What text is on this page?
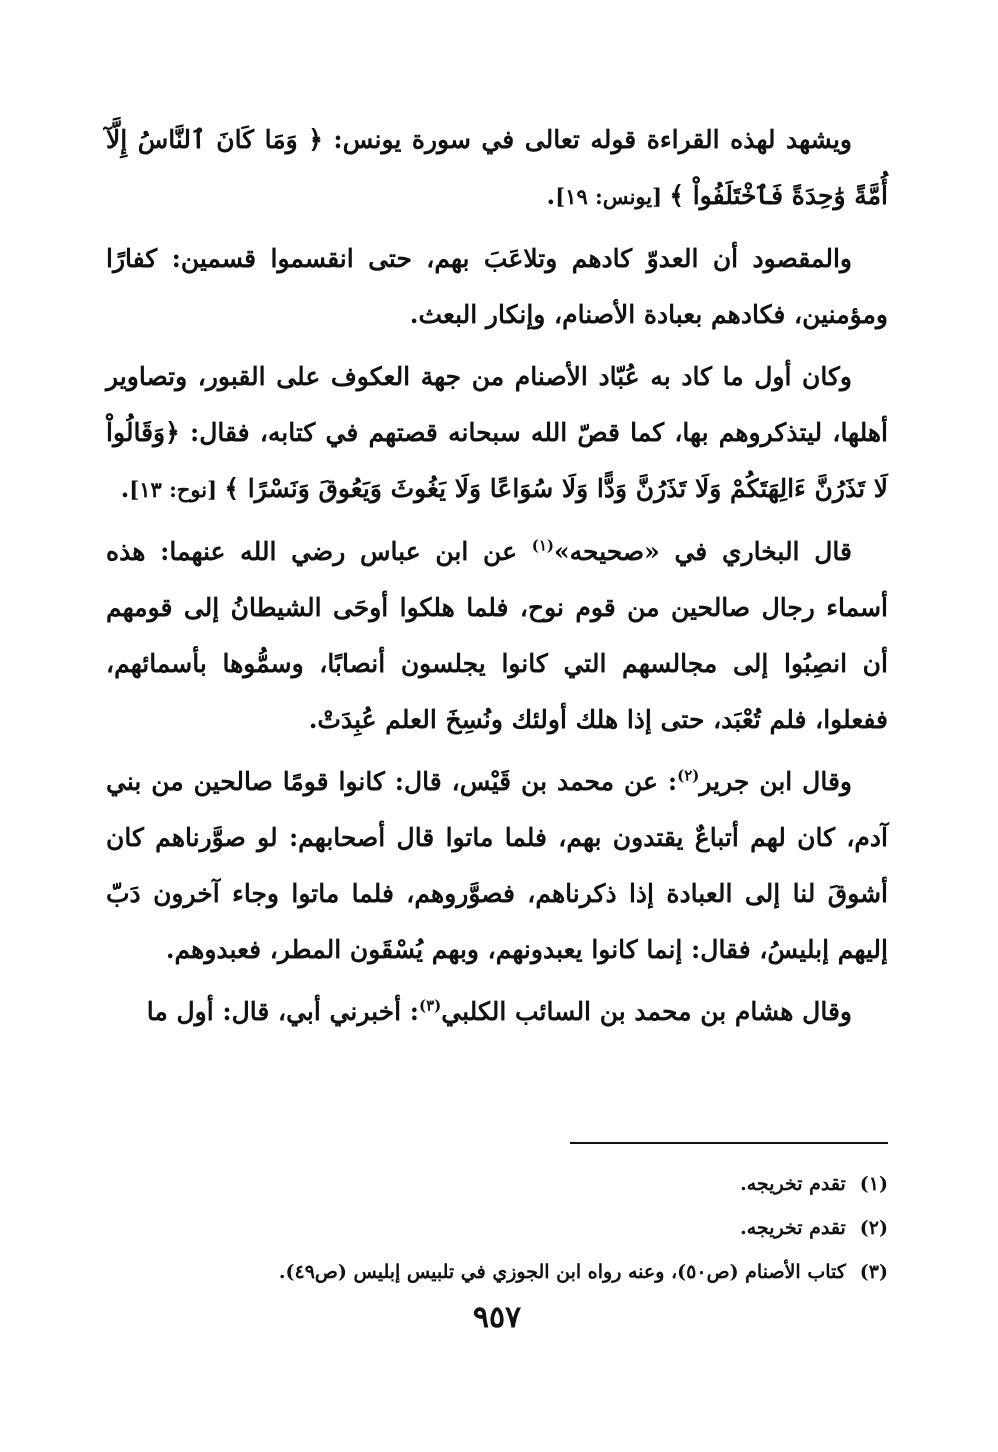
ويشهد لهذه القراءة قوله تعالى في سورة يونس: ﴿ وَمَا كَانَ ٱلنَّاسُ إِلَّآ أُمَّةً وَٰحِدَةً فَٱخْتَلَفُواْ ﴾ [يونس: ١٩].

والمقصود أن العدوّ كادهم وتلاعَبَ بهم، حتى انقسموا قسمين: كفارًا ومؤمنين، فكادهم بعبادة الأصنام، وإنكار البعث.

وكان أول ما كاد به عُبّاد الأصنام من جهة العكوف على القبور، وتصاوير أهلها، ليتذكروهم بها، كما قصّ الله سبحانه قصتهم في كتابه، فقال: ﴿وَقَالُواْ لَا تَذَرُنَّ ءَالِهَتَكُمْ وَلَا تَذَرُنَّ وَدًّا وَلَا سُوَاعًا وَلَا يَغُوثَ وَيَعُوقَ وَنَسْرًا ﴾ [نوح: ١٣].

قال البخاري في «صحيحه»$^{(١)}$ عن ابن عباس رضي الله عنهما: هذه أسماء رجال صالحين من قوم نوح، فلما هلكوا أوحَى الشيطانُ إلى قومهم أن انصِبُوا إلى مجالسهم التي كانوا يجلسون أنصابًا، وسمُّوها بأسمائهم، ففعلوا، فلم تُعْبَد، حتى إذا هلك أولئك ونُسِخَ العلم عُبِدَتْ.

وقال ابن جرير$^{(٢)}$: عن محمد بن قَيْس، قال: كانوا قومًا صالحين من بني آدم، كان لهم أتباعٌ يقتدون بهم، فلما ماتوا قال أصحابهم: لو صوَّرناهم كان أشوقَ لنا إلى العبادة إذا ذكرناهم، فصوَّروهم، فلما ماتوا وجاء آخرون دَبّ إليهم إبليسُ، فقال: إنما كانوا يعبدونهم، وبهم يُسْقَون المطر، فعبدوهم.

وقال هشام بن محمد بن السائب الكلبي$^{(٣)}$: أخبرني أبي، قال: أول ما

(١)تقدم تخريجه.

(٢)تقدم تخريجه.

(٣)كتاب الأصنام (ص٥٠)، وعنه رواه ابن الجوزي في تلبيس إبليس (ص٤٩).

٩٥٧
